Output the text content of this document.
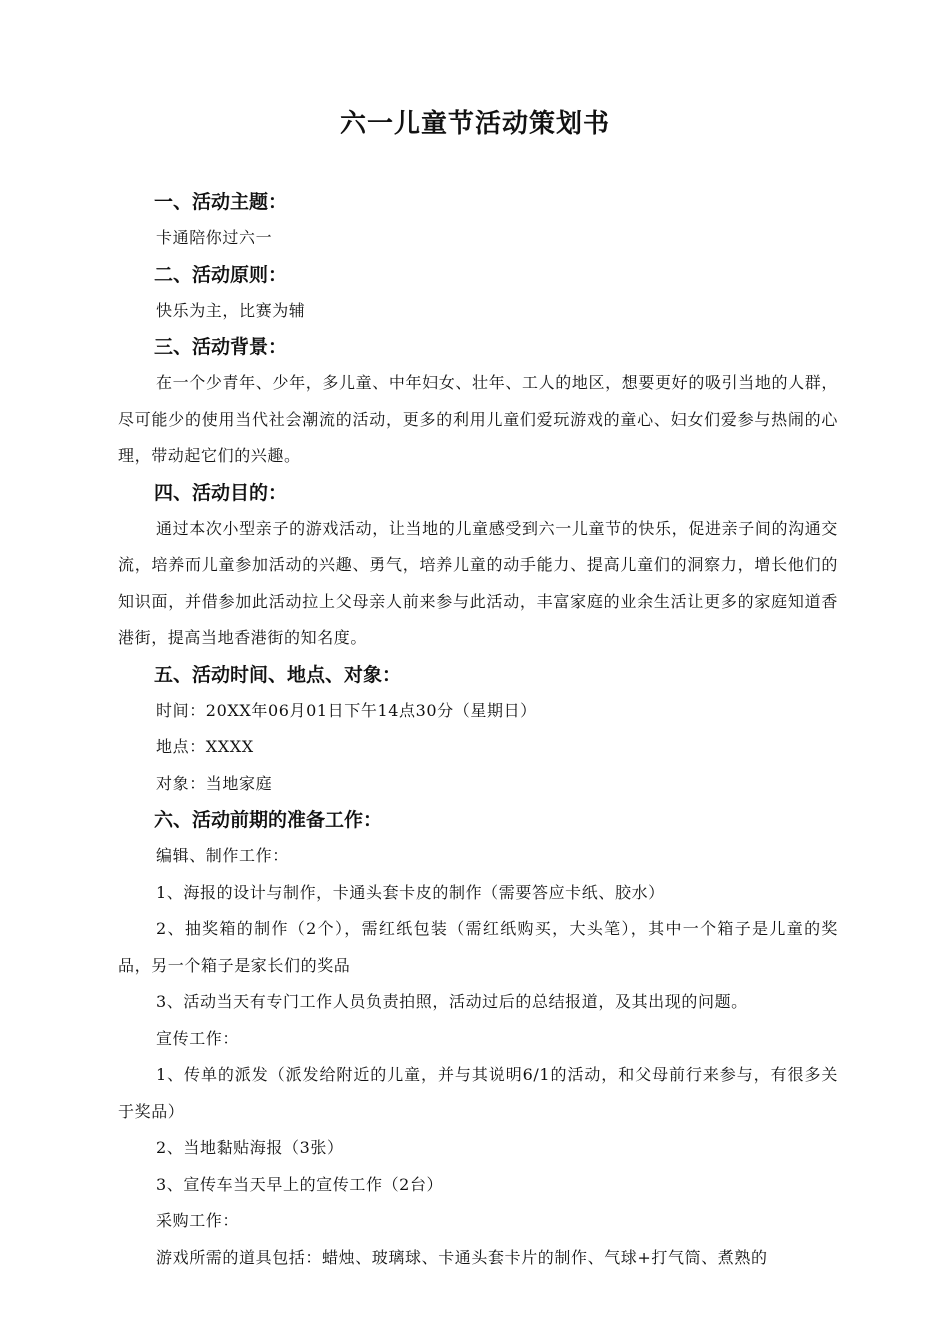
六一儿童节活动策划书
一、活动主题：

卡通陪你过六一

二、活动原则：

快乐为主，比赛为辅

三、活动背景：

在一个少青年、少年，多儿童、中年妇女、壮年、工人的地区，想要更好的吸引当地的人群，尽可能少的使用当代社会潮流的活动，更多的利用儿童们爱玩游戏的童心、妇女们爱参与热闹的心理，带动起它们的兴趣。

四、活动目的：

通过本次小型亲子的游戏活动，让当地的儿童感受到六一儿童节的快乐，促进亲子间的沟通交流，培养而儿童参加活动的兴趣、勇气，培养儿童的动手能力、提高儿童们的洞察力，增长他们的知识面，并借参加此活动拉上父母亲人前来参与此活动，丰富家庭的业余生活让更多的家庭知道香港街，提高当地香港街的知名度。

五、活动时间、地点、对象：

时间：20XX年06月01日下午14点30分（星期日）

地点：XXXX

对象：当地家庭

六、活动前期的准备工作：

编辑、制作工作：

1、海报的设计与制作，卡通头套卡皮的制作（需要答应卡纸、胶水）

2、抽奖箱的制作（2个），需红纸包装（需红纸购买，大头笔），其中一个箱子是儿童的奖品，另一个箱子是家长们的奖品

3、活动当天有专门工作人员负责拍照，活动过后的总结报道，及其出现的问题。

宣传工作：

1、传单的派发（派发给附近的儿童，并与其说明6/1的活动，和父母前行来参与，有很多关于奖品）

2、当地黏贴海报（3张）

3、宣传车当天早上的宣传工作（2台）

采购工作：

游戏所需的道具包括：蜡烛、玻璃球、卡通头套卡片的制作、气球+打气筒、煮熟的
